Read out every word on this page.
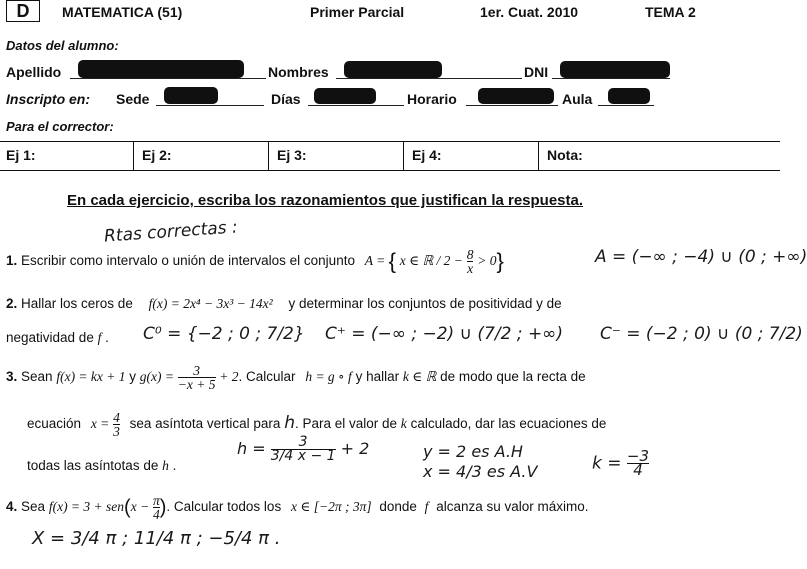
D	MATEMATICA (51)	Primer Parcial	1er. Cuat. 2010	TEMA 2
Datos del alumno:
Apellido	Nombres	DNI
Inscripto en: Sede	Días	Horario	Aula
Para el corrector:
Ej 1:	Ej 2:	Ej 3:	Ej 4:	Nota:
En cada ejercicio, escriba los razonamientos que justifican la respuesta.
Rtas correctas :
1. Escribir como intervalo o unión de intervalos el conjunto A = { x ∈ ℝ / $2 - \frac{8}{x} > 0$}	A = (−∞ ; −4) ∪ (0 ; +∞)
2. Hallar los ceros de f(x) = 2x⁴ − 3x³ − 14x² y determinar los conjuntos de positividad y de
negatividad de f . C⁰ = {−2 ; 0 ; 7/2} C⁺ = (−∞ ; −2) ∪ (7/2 ; +∞) C⁻ = (−2 ; 0) ∪ (0 ; 7/2)
3. Sean f(x) = kx + 1 y $g(x) = \frac{3}{-x + 5} + 2$. Calcular h = g ∘ f y hallar k ∈ ℝ de modo que la recta de
ecuación $x = \frac{4}{3}$ sea asíntota vertical para h. Para el valor de k calculado, dar las ecuaciones de
todas las asíntotas de h .
$h = \frac{3}{3/4 x - 1} + 2$	y = 2 es A.H
x = 4/3 es A.V	$k = \frac{-3}{4}$
4. Sea $f(x) = 3 + sen(x - \frac{\pi}{4}$ ). Calcular todos los x ∈ [−2π ; 3π] donde f alcanza su valor máximo.
X = 3/4 π ; 11/4 π ; −5/4 π .
